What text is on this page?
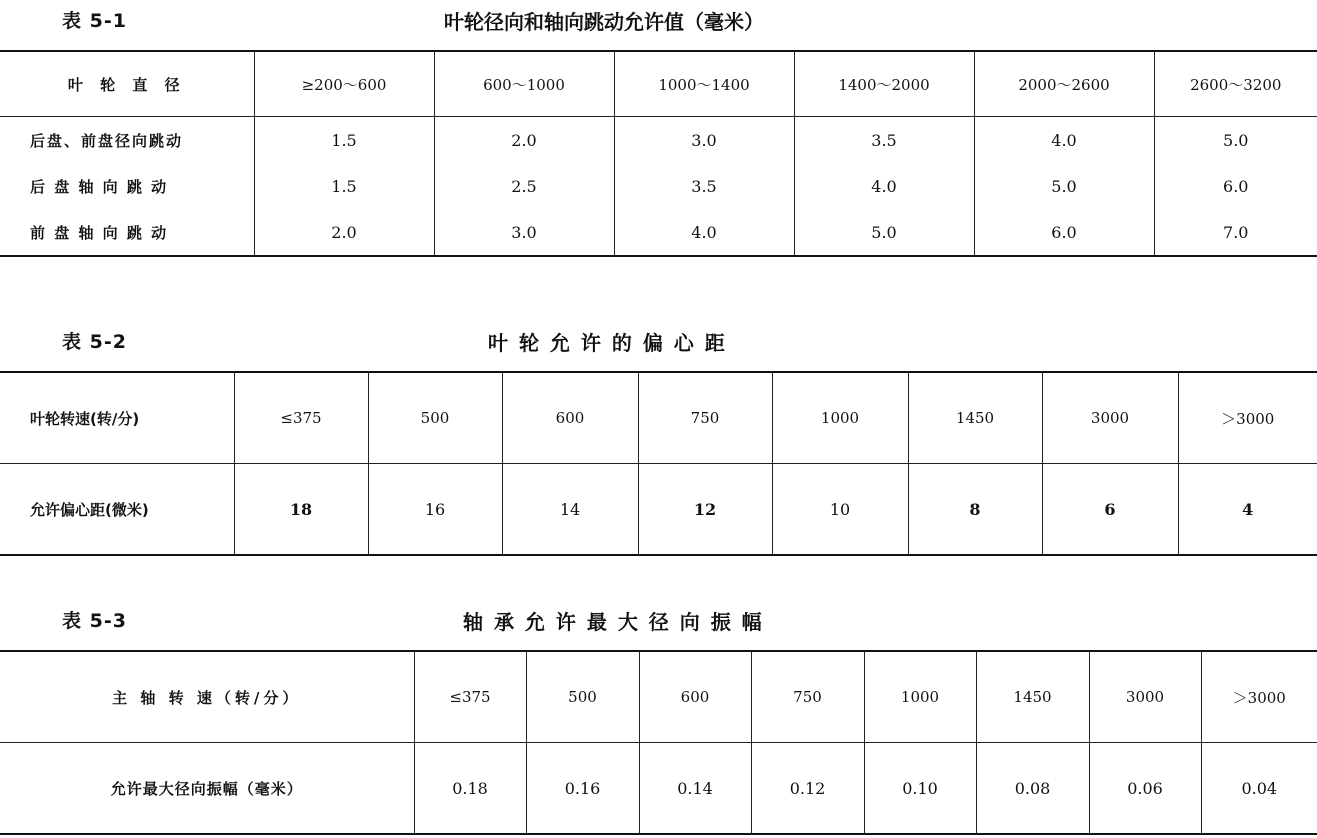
表 5-1	叶轮径向和轴向跳动允许值（毫米）
叶 轮 直 径	≥200～600	600～1000	1000～1400	1400～2000	2000～2600	2600～3200
后盘、前盘径向跳动	1.5	2.0	3.0	3.5	4.0	5.0
后 盘 轴 向 跳 动	1.5	2.5	3.5	4.0	5.0	6.0
前 盘 轴 向 跳 动	2.0	3.0	4.0	5.0	6.0	7.0
表 5-2	叶 轮 允 许 的 偏 心 距
叶轮转速(转/分)	≤375	500	600	750	1000	1450	3000	＞3000
允许偏心距(微米)	18	16	14	12	10	8	6	4
表 5-3	轴 承 允 许 最 大 径 向 振 幅
主 轴 转 速（转/分）	≤375	500	600	750	1000	1450	3000	＞3000
允许最大径向振幅（毫米）	0.18	0.16	0.14	0.12	0.10	0.08	0.06	0.04
